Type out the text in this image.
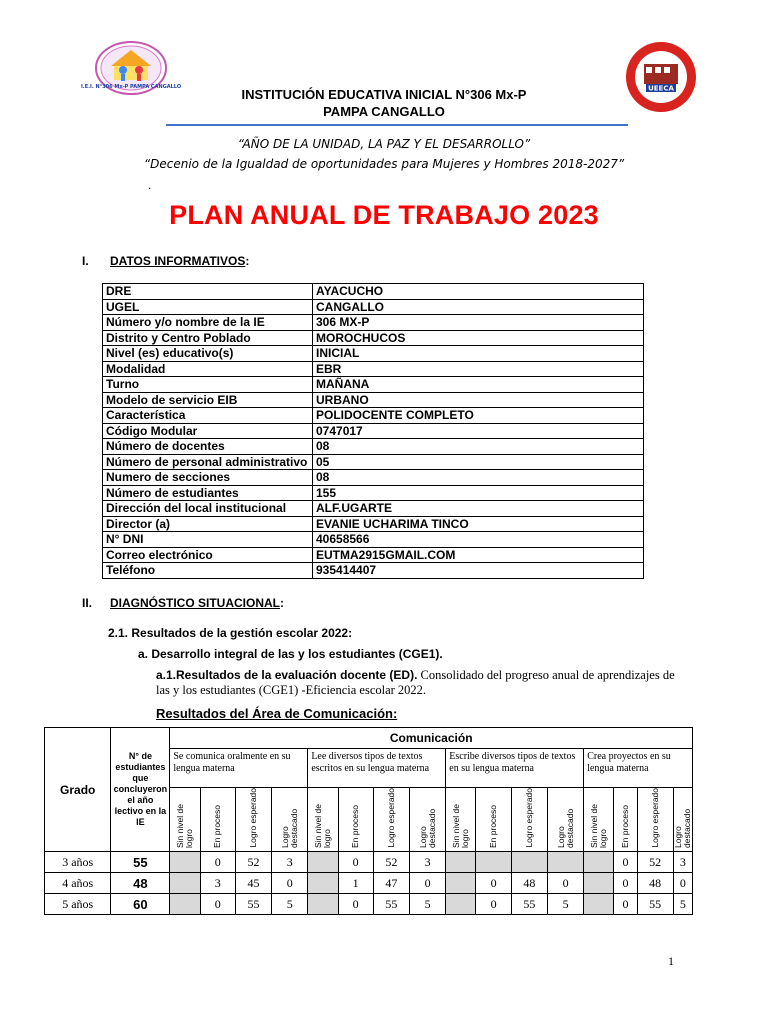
I.E.I. N°306 Mx-P PAMPA CANGALLO	UEECA
INSTITUCIÓN EDUCATIVA INICIAL N°306 Mx-P
PAMPA CANGALLO
“AÑO DE LA UNIDAD, LA PAZ Y EL DESARROLLO”
“Decenio de la Igualdad de oportunidades para Mujeres y Hombres 2018-2027”
.
PLAN ANUAL DE TRABAJO 2023
I. DATOS INFORMATIVOS:
DRE	AYACUCHO
UGEL	CANGALLO
Número y/o nombre de la IE	306 MX-P
Distrito y Centro Poblado	MOROCHUCOS
Nivel (es) educativo(s)	INICIAL
Modalidad	EBR
Turno	MAÑANA
Modelo de servicio EIB	URBANO
Característica	POLIDOCENTE COMPLETO
Código Modular	0747017
Número de docentes	08
Número de personal administrativo	05
Numero de secciones	08
Número de estudiantes	155
Dirección del local institucional	ALF.UGARTE
Director (a)	EVANIE UCHARIMA TINCO
N° DNI	40658566
Correo electrónico	EUTMA2915GMAIL.COM
Teléfono	935414407
II. DIAGNÓSTICO SITUACIONAL:
2.1. Resultados de la gestión escolar 2022:
a. Desarrollo integral de las y los estudiantes (CGE1).
a.1.Resultados de la evaluación docente (ED). Consolidado del progreso anual de aprendizajes de las y los estudiantes (CGE1) -Eficiencia escolar 2022.
Resultados del Área de Comunicación:
Grado	N° de estudiantes que concluyeron el año lectivo en la IE	Comunicación															
		Se comunica oralmente en su lengua materna				Lee diversos tipos de textos escritos en su lengua materna				Escribe diversos tipos de textos en su lengua materna				Crea proyectos en su lengua materna			
		Sin nivel de logro	En proceso	Logro esperado	Logro destacado	Sin nivel de logro	En proceso	Logro esperado	Logro destacado	Sin nivel de logro	En proceso	Logro esperado	Logro destacado	Sin nivel de logro	En proceso	Logro esperado	Logro destacado
3 años	55		0	52	3		0	52	3						0	52	3
4 años	48		3	45	0		1	47	0		0	48	0		0	48	0
5 años	60		0	55	5		0	55	5		0	55	5		0	55	5
1
